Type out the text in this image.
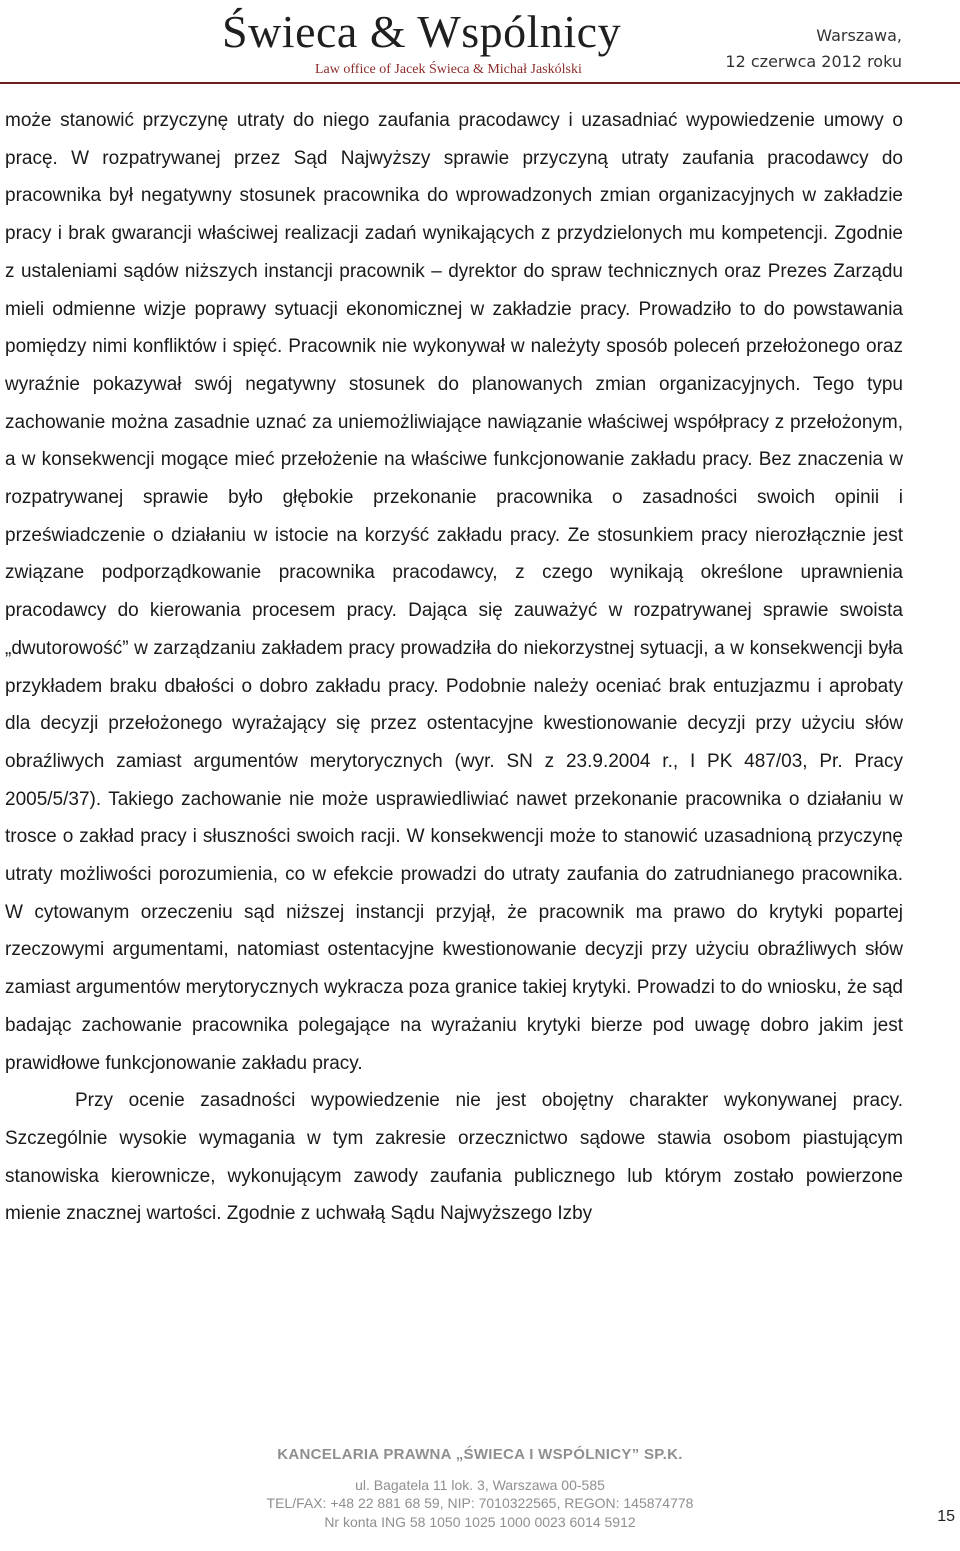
Świeca & Wspólnicy
Law office of Jacek Świeca & Michał Jaskólski
Warszawa,
12 czerwca 2012 roku

może stanowić przyczynę utraty do niego zaufania pracodawcy i uzasadniać wypowiedzenie umowy o pracę. W rozpatrywanej przez Sąd Najwyższy sprawie przyczyną utraty zaufania pracodawcy do pracownika był negatywny stosunek pracownika do wprowadzonych zmian organizacyjnych w zakładzie pracy i brak gwarancji właściwej realizacji zadań wynikających z przydzielonych mu kompetencji. Zgodnie z ustaleniami sądów niższych instancji pracownik – dyrektor do spraw technicznych oraz Prezes Zarządu mieli odmienne wizje poprawy sytuacji ekonomicznej w zakładzie pracy. Prowadziło to do powstawania pomiędzy nimi konfliktów i spięć. Pracownik nie wykonywał w należyty sposób poleceń przełożonego oraz wyraźnie pokazywał swój negatywny stosunek do planowanych zmian organizacyjnych. Tego typu zachowanie można zasadnie uznać za uniemożliwiające nawiązanie właściwej współpracy z przełożonym, a w konsekwencji mogące mieć przełożenie na właściwe funkcjonowanie zakładu pracy. Bez znaczenia w rozpatrywanej sprawie było głębokie przekonanie pracownika o zasadności swoich opinii i przeświadczenie o działaniu w istocie na korzyść zakładu pracy. Ze stosunkiem pracy nierozłącznie jest związane podporządkowanie pracownika pracodawcy, z czego wynikają określone uprawnienia pracodawcy do kierowania procesem pracy. Dająca się zauważyć w rozpatrywanej sprawie swoista „dwutorowość” w zarządzaniu zakładem pracy prowadziła do niekorzystnej sytuacji, a w konsekwencji była przykładem braku dbałości o dobro zakładu pracy. Podobnie należy oceniać brak entuzjazmu i aprobaty dla decyzji przełożonego wyrażający się przez ostentacyjne kwestionowanie decyzji przy użyciu słów obraźliwych zamiast argumentów merytorycznych (wyr. SN z 23.9.2004 r., I PK 487/03, Pr. Pracy 2005/5/37). Takiego zachowanie nie może usprawiedliwiać nawet przekonanie pracownika o działaniu w trosce o zakład pracy i słuszności swoich racji. W konsekwencji może to stanowić uzasadnioną przyczynę utraty możliwości porozumienia, co w efekcie prowadzi do utraty zaufania do zatrudnianego pracownika. W cytowanym orzeczeniu sąd niższej instancji przyjął, że pracownik ma prawo do krytyki popartej rzeczowymi argumentami, natomiast ostentacyjne kwestionowanie decyzji przy użyciu obraźliwych słów zamiast argumentów merytorycznych wykracza poza granice takiej krytyki. Prowadzi to do wniosku, że sąd badając zachowanie pracownika polegające na wyrażaniu krytyki bierze pod uwagę dobro jakim jest prawidłowe funkcjonowanie zakładu pracy.

Przy ocenie zasadności wypowiedzenie nie jest obojętny charakter wykonywanej pracy. Szczególnie wysokie wymagania w tym zakresie orzecznictwo sądowe stawia osobom piastującym stanowiska kierownicze, wykonującym zawody zaufania publicznego lub którym zostało powierzone mienie znacznej wartości. Zgodnie z uchwałą Sądu Najwyższego Izby

KANCELARIA PRAWNA „ŚWIECA I WSPÓLNICY” SP.K.
ul. Bagatela 11 lok. 3, Warszawa 00-585
TEL/FAX: +48 22 881 68 59, NIP: 7010322565, REGON: 145874778
Nr konta ING 58 1050 1025 1000 0023 6014 5912	15
